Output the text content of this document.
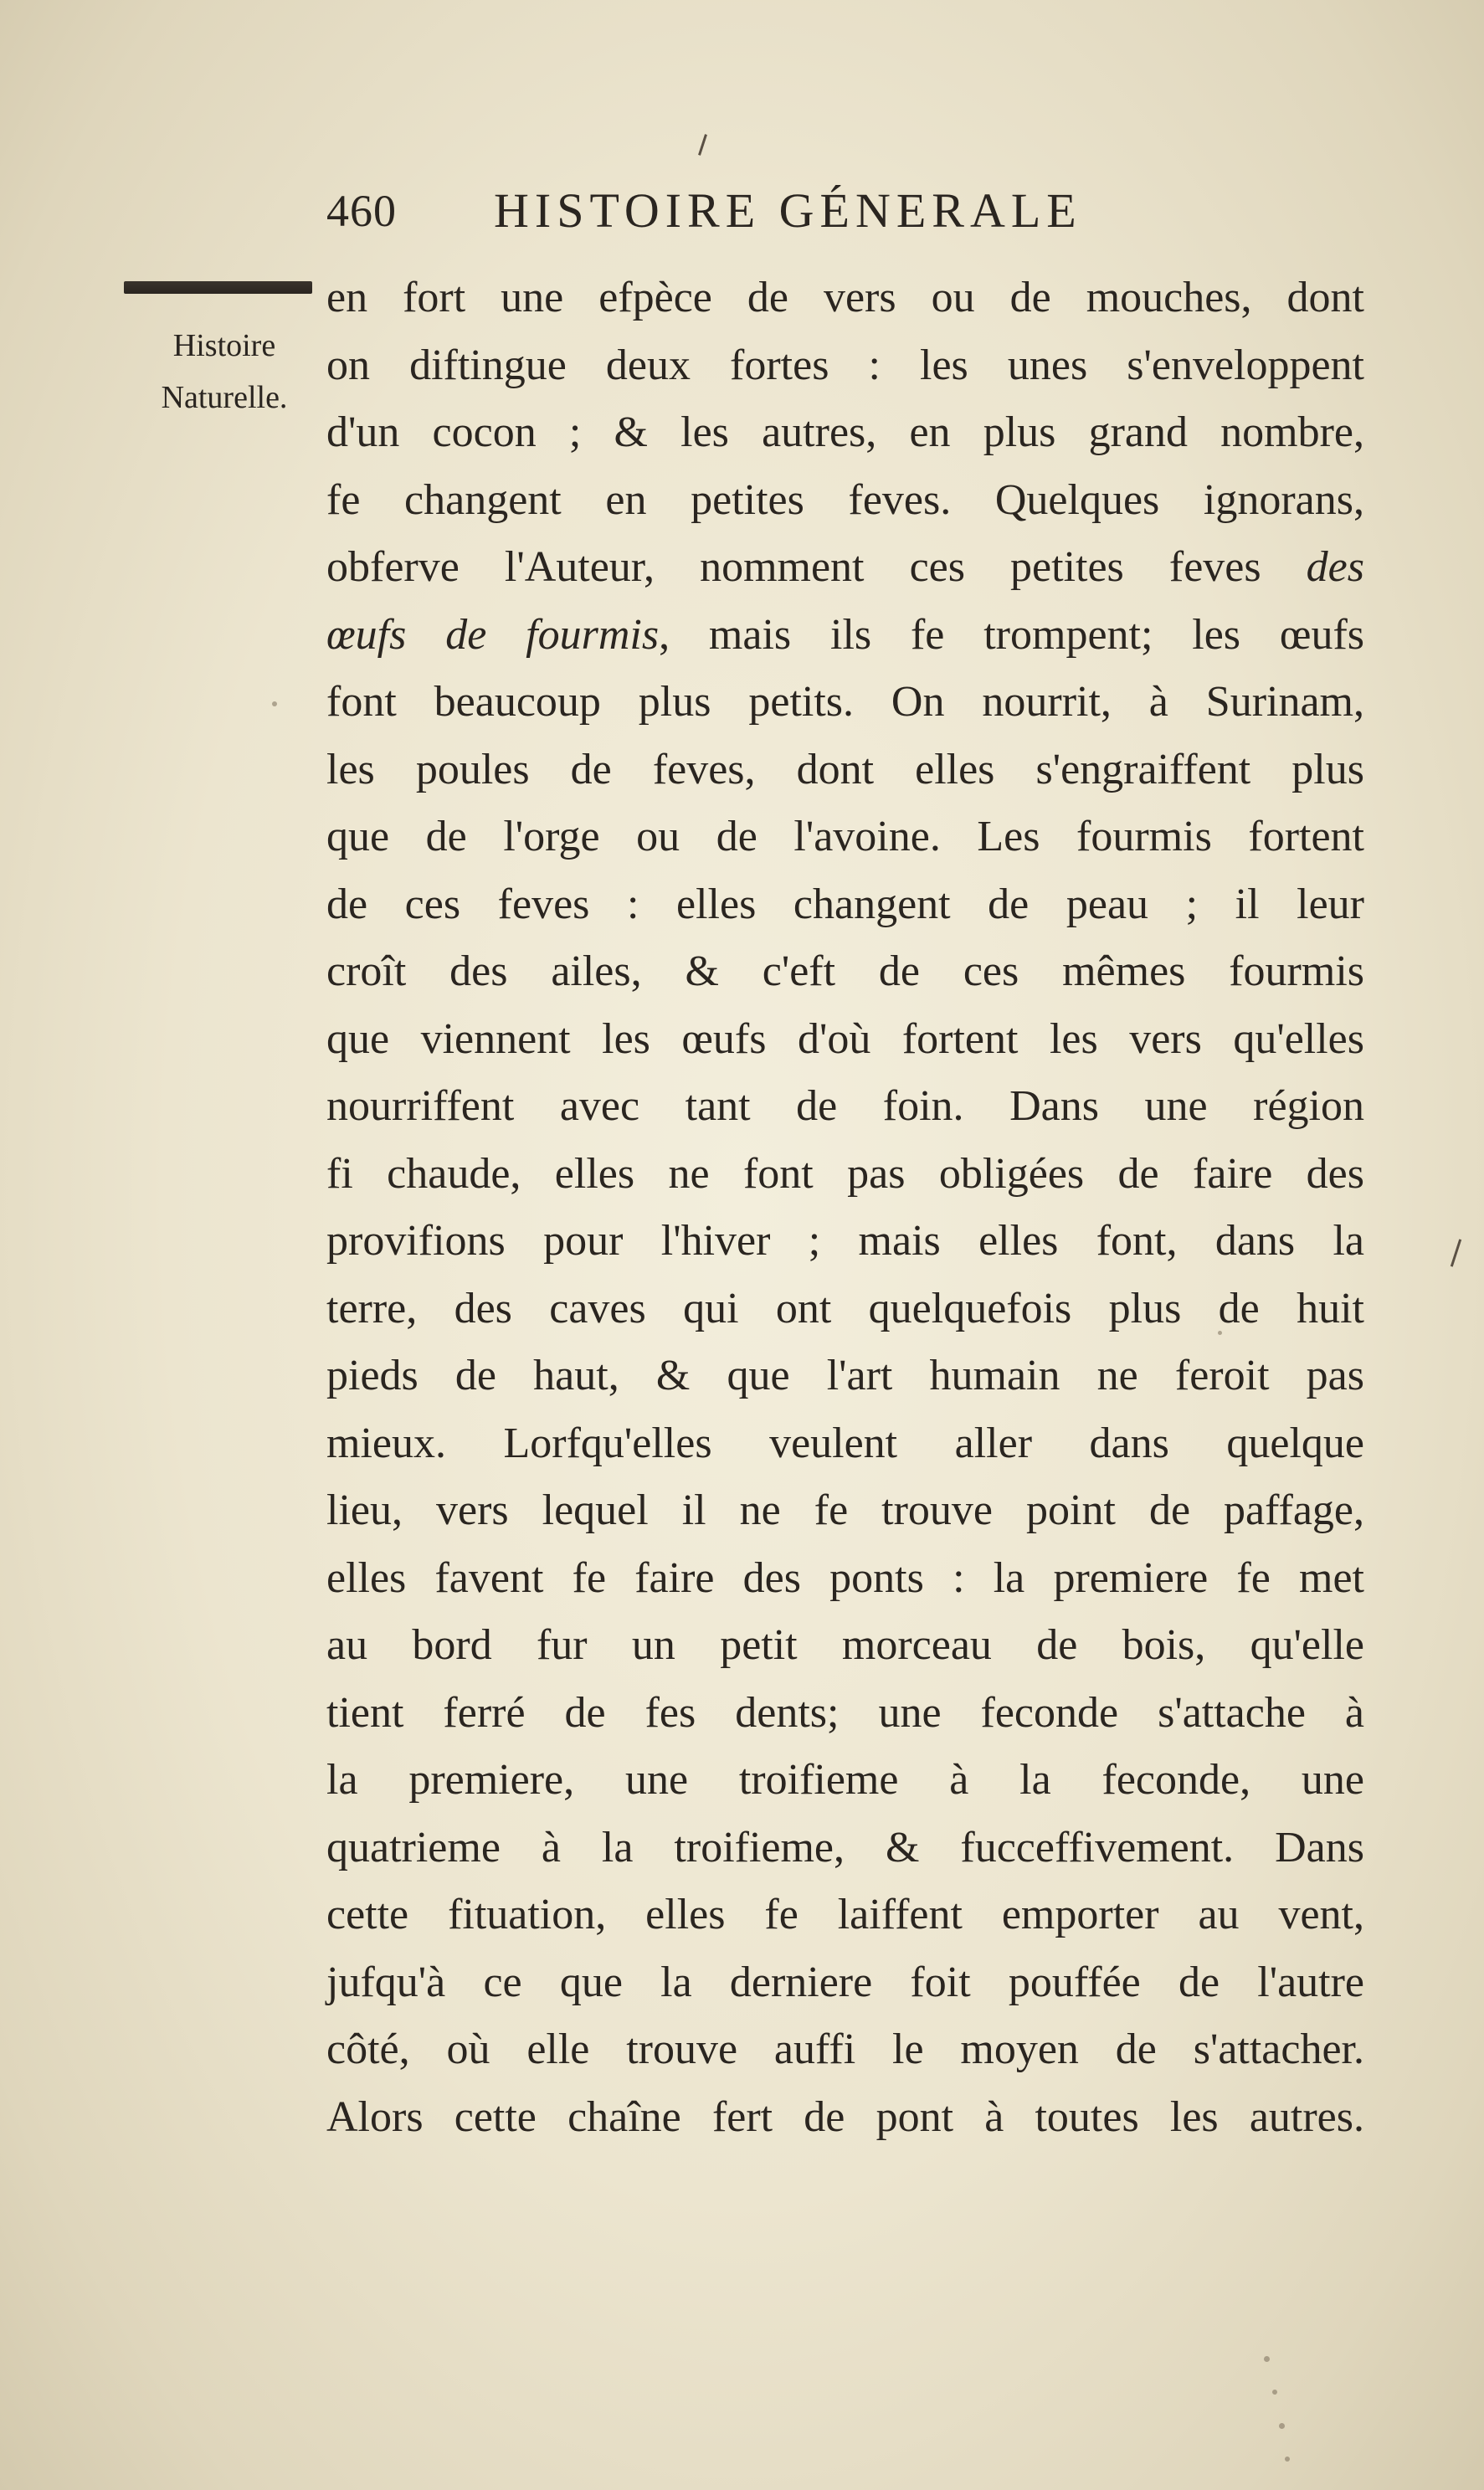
460 HISTOIRE GÉNERALE
Histoire
Naturelle.
en fort une efpèce de vers ou de mouches, dont
on diftingue deux fortes : les unes s'enveloppent
d'un cocon ; & les autres, en plus grand nombre,
fe changent en petites feves. Quelques ignorans,
obferve l'Auteur, nomment ces petites feves des
œufs de fourmis, mais ils fe trompent; les œufs
font beaucoup plus petits. On nourrit, à Surinam,
les poules de feves, dont elles s'engraiffent plus
que de l'orge ou de l'avoine. Les fourmis fortent
de ces feves : elles changent de peau ; il leur
croît des ailes, & c'eft de ces mêmes fourmis
que viennent les œufs d'où fortent les vers qu'elles
nourriffent avec tant de foin. Dans une région
fi chaude, elles ne font pas obligées de faire des
provifions pour l'hiver ; mais elles font, dans la
terre, des caves qui ont quelquefois plus de huit
pieds de haut, & que l'art humain ne feroit pas
mieux. Lorfqu'elles veulent aller dans quelque
lieu, vers lequel il ne fe trouve point de paffage,
elles favent fe faire des ponts : la premiere fe met
au bord fur un petit morceau de bois, qu'elle
tient ferré de fes dents; une feconde s'attache à
la premiere, une troifieme à la feconde, une
quatrieme à la troifieme, & fucceffivement. Dans
cette fituation, elles fe laiffent emporter au vent,
jufqu'à ce que la derniere foit pouffée de l'autre
côté, où elle trouve auffi le moyen de s'attacher.
Alors cette chaîne fert de pont à toutes les autres.
